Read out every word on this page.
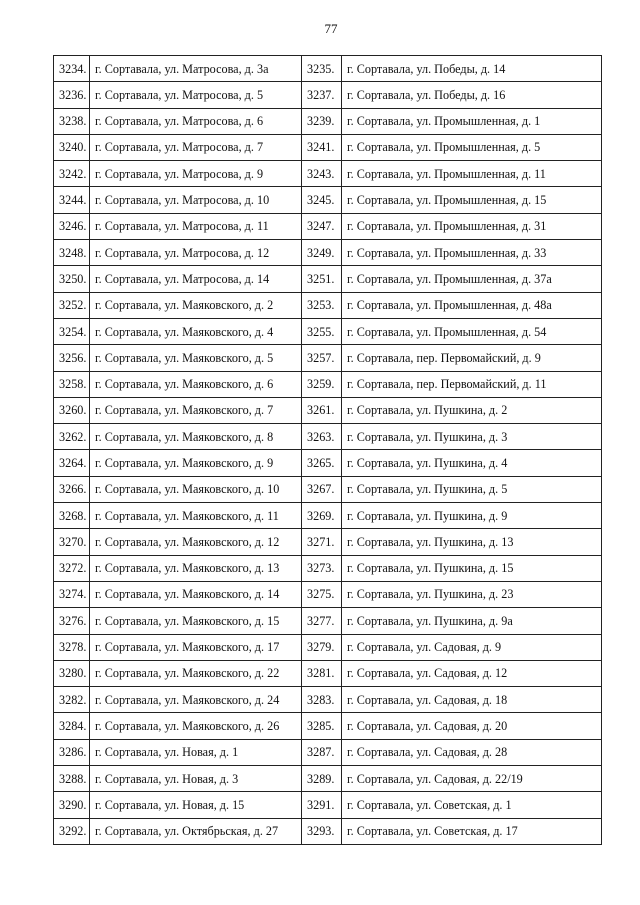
77
3234.	г. Сортавала, ул. Матросова, д. 3а	3235.	г. Сортавала, ул. Победы, д. 14
3236.	г. Сортавала, ул. Матросова, д. 5	3237.	г. Сортавала, ул. Победы, д. 16
3238.	г. Сортавала, ул. Матросова, д. 6	3239.	г. Сортавала, ул. Промышленная, д. 1
3240.	г. Сортавала, ул. Матросова, д. 7	3241.	г. Сортавала, ул. Промышленная, д. 5
3242.	г. Сортавала, ул. Матросова, д. 9	3243.	г. Сортавала, ул. Промышленная, д. 11
3244.	г. Сортавала, ул. Матросова, д. 10	3245.	г. Сортавала, ул. Промышленная, д. 15
3246.	г. Сортавала, ул. Матросова, д. 11	3247.	г. Сортавала, ул. Промышленная, д. 31
3248.	г. Сортавала, ул. Матросова, д. 12	3249.	г. Сортавала, ул. Промышленная, д. 33
3250.	г. Сортавала, ул. Матросова, д. 14	3251.	г. Сортавала, ул. Промышленная, д. 37а
3252.	г. Сортавала, ул. Маяковского, д. 2	3253.	г. Сортавала, ул. Промышленная, д. 48а
3254.	г. Сортавала, ул. Маяковского, д. 4	3255.	г. Сортавала, ул. Промышленная, д. 54
3256.	г. Сортавала, ул. Маяковского, д. 5	3257.	г. Сортавала, пер. Первомайский, д. 9
3258.	г. Сортавала, ул. Маяковского, д. 6	3259.	г. Сортавала, пер. Первомайский, д. 11
3260.	г. Сортавала, ул. Маяковского, д. 7	3261.	г. Сортавала, ул. Пушкина, д. 2
3262.	г. Сортавала, ул. Маяковского, д. 8	3263.	г. Сортавала, ул. Пушкина, д. 3
3264.	г. Сортавала, ул. Маяковского, д. 9	3265.	г. Сортавала, ул. Пушкина, д. 4
3266.	г. Сортавала, ул. Маяковского, д. 10	3267.	г. Сортавала, ул. Пушкина, д. 5
3268.	г. Сортавала, ул. Маяковского, д. 11	3269.	г. Сортавала, ул. Пушкина, д. 9
3270.	г. Сортавала, ул. Маяковского, д. 12	3271.	г. Сортавала, ул. Пушкина, д. 13
3272.	г. Сортавала, ул. Маяковского, д. 13	3273.	г. Сортавала, ул. Пушкина, д. 15
3274.	г. Сортавала, ул. Маяковского, д. 14	3275.	г. Сортавала, ул. Пушкина, д. 23
3276.	г. Сортавала, ул. Маяковского, д. 15	3277.	г. Сортавала, ул. Пушкина, д. 9а
3278.	г. Сортавала, ул. Маяковского, д. 17	3279.	г. Сортавала, ул. Садовая, д. 9
3280.	г. Сортавала, ул. Маяковского, д. 22	3281.	г. Сортавала, ул. Садовая, д. 12
3282.	г. Сортавала, ул. Маяковского, д. 24	3283.	г. Сортавала, ул. Садовая, д. 18
3284.	г. Сортавала, ул. Маяковского, д. 26	3285.	г. Сортавала, ул. Садовая, д. 20
3286.	г. Сортавала, ул. Новая, д. 1	3287.	г. Сортавала, ул. Садовая, д. 28
3288.	г. Сортавала, ул. Новая, д. 3	3289.	г. Сортавала, ул. Садовая, д. 22/19
3290.	г. Сортавала, ул. Новая, д. 15	3291.	г. Сортавала, ул. Советская, д. 1
3292.	г. Сортавала, ул. Октябрьская, д. 27	3293.	г. Сортавала, ул. Советская, д. 17
